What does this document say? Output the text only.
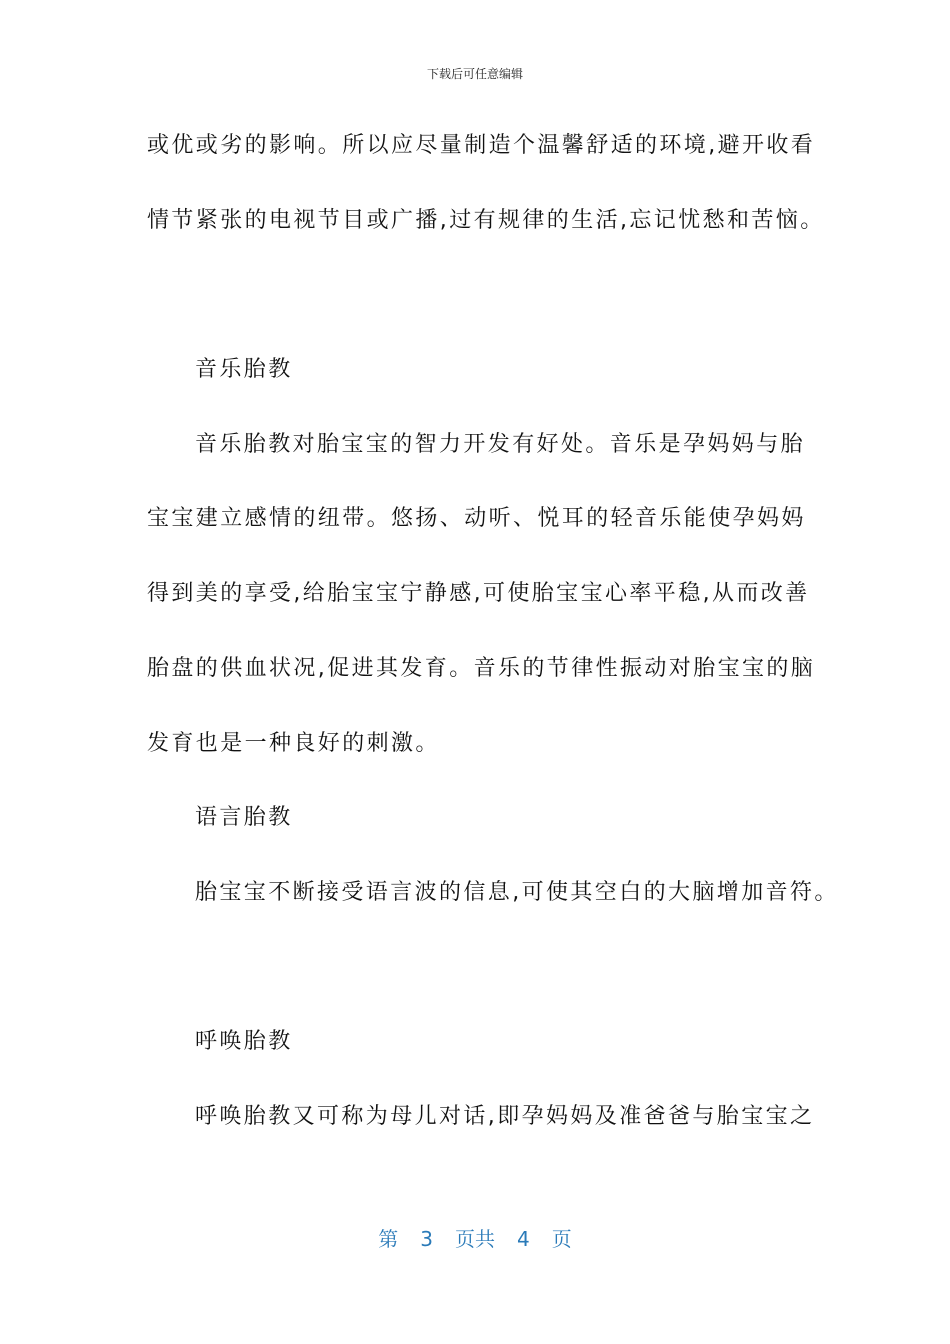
下载后可任意编辑
或优或劣的影响。所以应尽量制造个温馨舒适的环境,避开收看
情节紧张的电视节目或广播,过有规律的生活,忘记忧愁和苦恼。
音乐胎教
音乐胎教对胎宝宝的智力开发有好处。音乐是孕妈妈与胎
宝宝建立感情的纽带。悠扬、动听、悦耳的轻音乐能使孕妈妈
得到美的享受,给胎宝宝宁静感,可使胎宝宝心率平稳,从而改善
胎盘的供血状况,促进其发育。音乐的节律性振动对胎宝宝的脑
发育也是一种良好的刺激。
语言胎教
胎宝宝不断接受语言波的信息,可使其空白的大脑增加音符。
呼唤胎教
呼唤胎教又可称为母儿对话,即孕妈妈及准爸爸与胎宝宝之
第 3 页共 4 页
